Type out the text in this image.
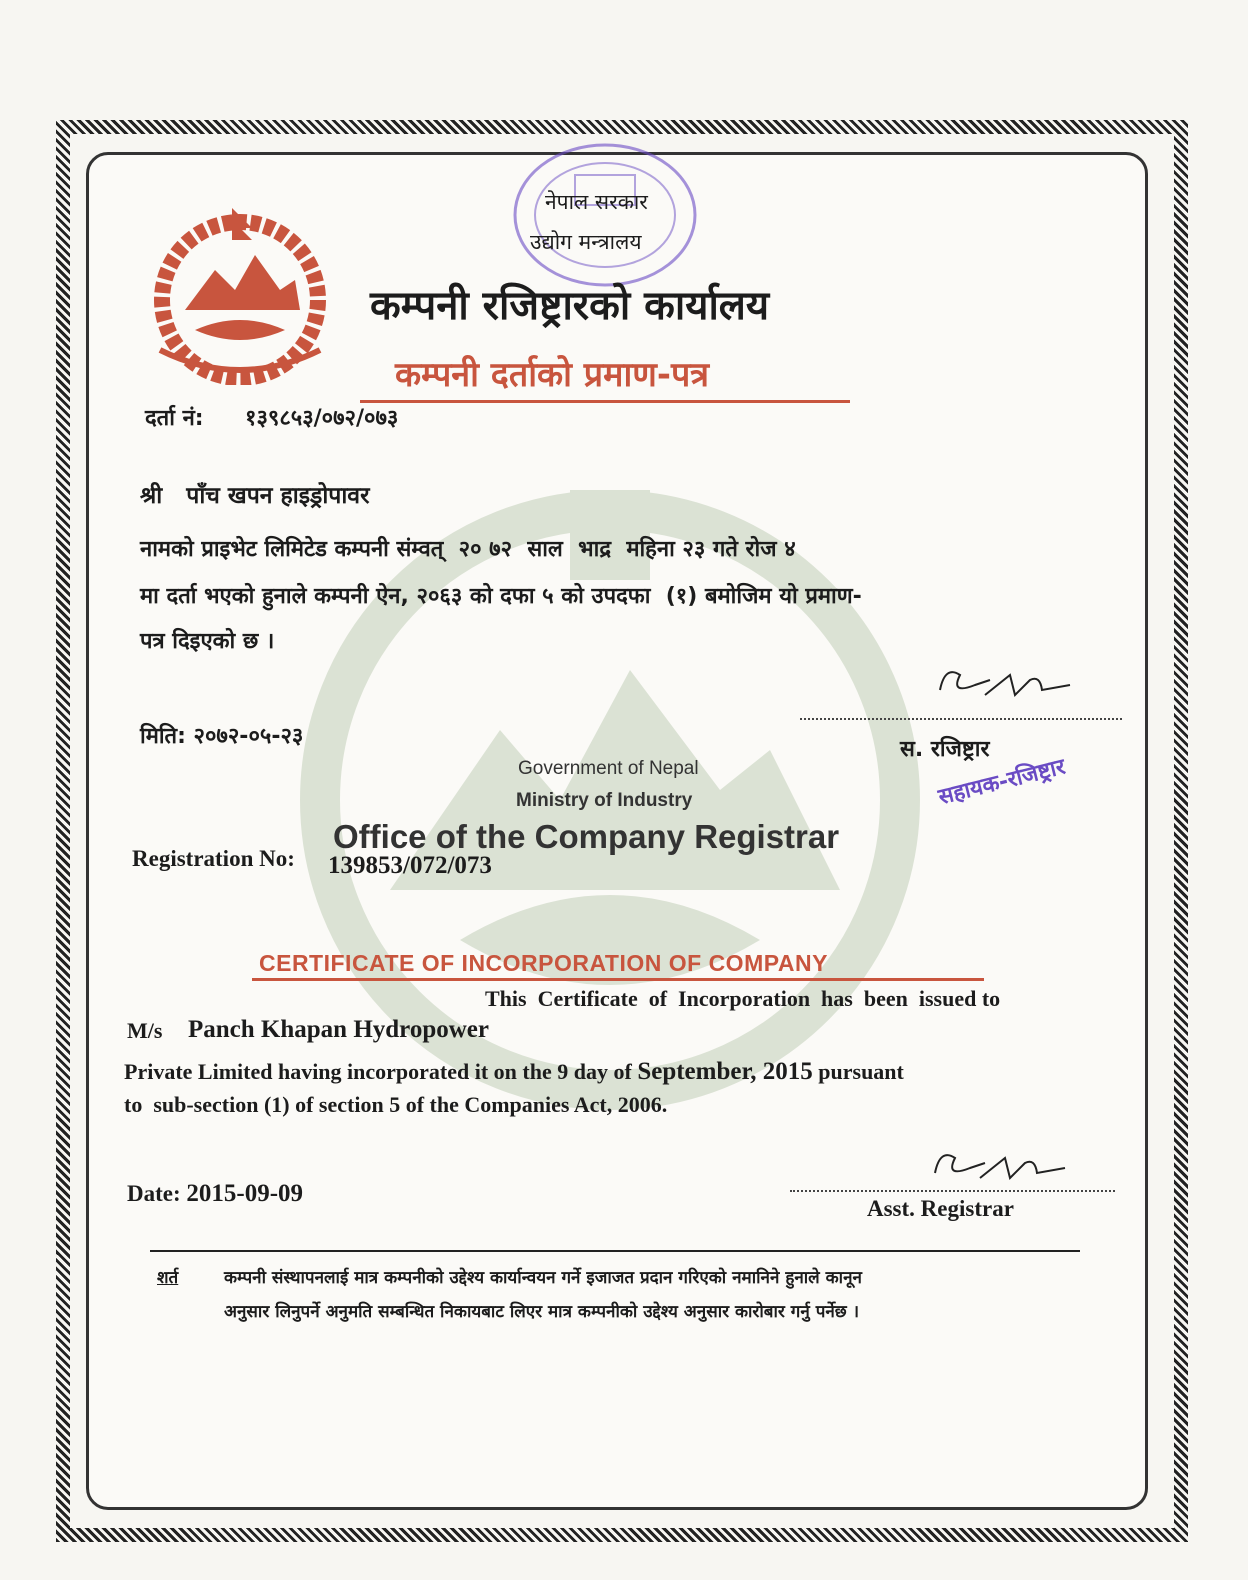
नेपाल सरकार
उद्योग मन्त्रालय
कम्पनी रजिष्ट्रारको कार्यालय
कम्पनी दर्ताको प्रमाण-पत्र
दर्ता नं: १३९८५३/०७२/०७३
श्री   पाँच खपन हाइड्रोपावर
नामको प्राइभेट लिमिटेड कम्पनी संम्वत्  २० ७२  साल  भाद्र  महिना २३ गते रोज ४
मा दर्ता भएको हुनाले कम्पनी ऐन, २०६३ को दफा ५ को उपदफा  (१) बमोजिम यो प्रमाण-
पत्र दिइएको छ ।
मिति: २०७२-०५-२३
स. रजिष्ट्रार
सहायक-रजिष्ट्रार
Government of Nepal
Ministry of Industry
Office of the Company Registrar
Registration No: 139853/072/073
CERTIFICATE OF INCORPORATION OF COMPANY
This  Certificate  of  Incorporation  has  been  issued to
M/s Panch Khapan Hydropower
Private Limited having incorporated it on the 9 day of September, 2015 pursuant
to  sub-section (1) of section 5 of the Companies Act, 2006.
Date: 2015-09-09
Asst. Registrar
शर्त	कम्पनी संस्थापनलाई मात्र कम्पनीको उद्देश्य कार्यान्वयन गर्ने इजाजत प्रदान गरिएको नमानिने हुनाले कानून
अनुसार लिनुपर्ने अनुमति सम्बन्धित निकायबाट लिएर मात्र कम्पनीको उद्देश्य अनुसार कारोबार गर्नु पर्नेछ ।
